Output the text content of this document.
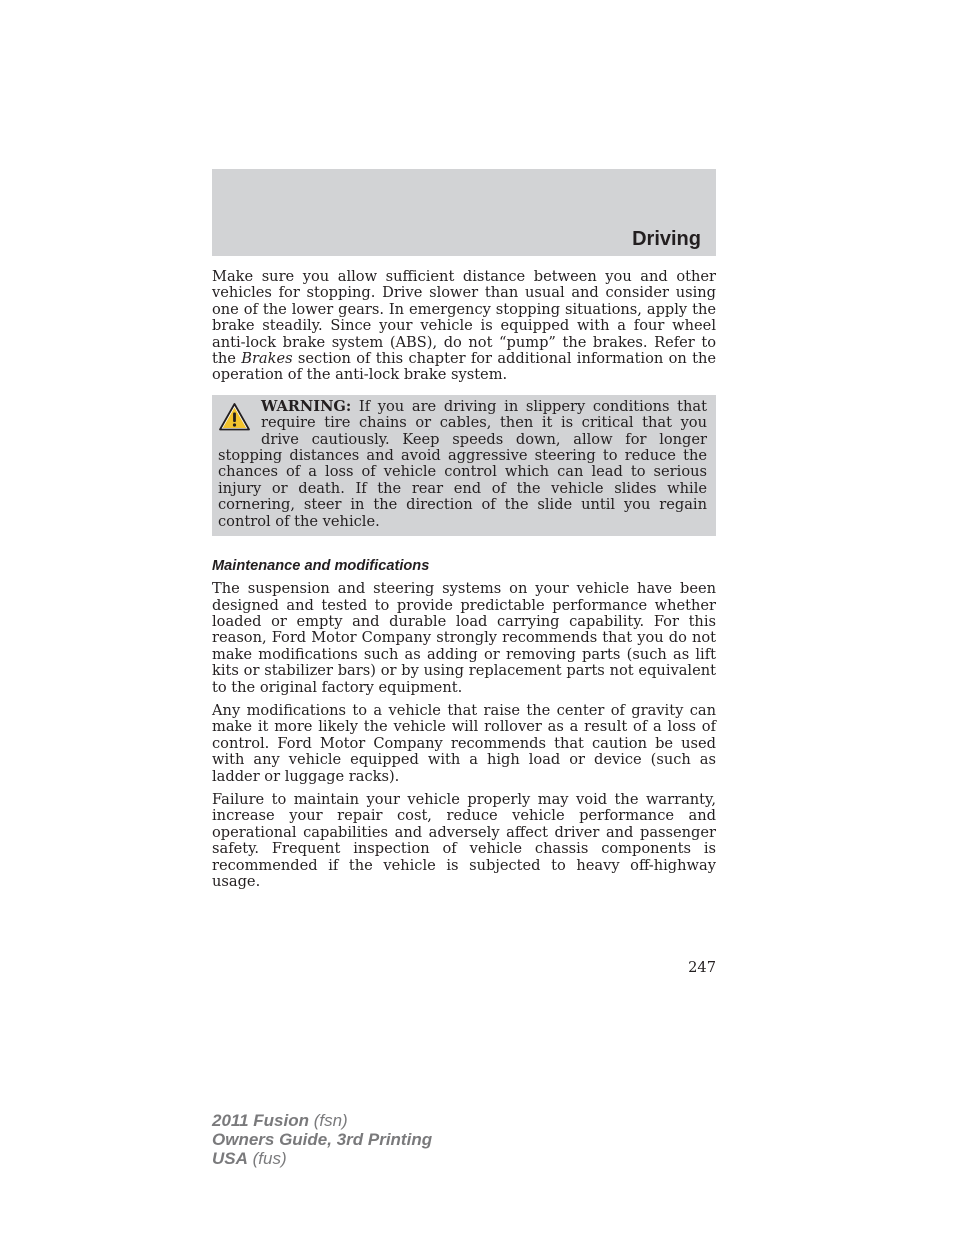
Driving

Make sure you allow sufficient distance between you and other vehicles for stopping. Drive slower than usual and consider using one of the lower gears. In emergency stopping situations, apply the brake steadily. Since your vehicle is equipped with a four wheel anti-lock brake system (ABS), do not “pump” the brakes. Refer to the Brakes section of this chapter for additional information on the operation of the anti-lock brake system.

WARNING: If you are driving in slippery conditions that require tire chains or cables, then it is critical that you drive cautiously. Keep speeds down, allow for longer stopping distances and avoid aggressive steering to reduce the chances of a loss of vehicle control which can lead to serious injury or death. If the rear end of the vehicle slides while cornering, steer in the direction of the slide until you regain control of the vehicle.

Maintenance and modifications

The suspension and steering systems on your vehicle have been designed and tested to provide predictable performance whether loaded or empty and durable load carrying capability. For this reason, Ford Motor Company strongly recommends that you do not make modifications such as adding or removing parts (such as lift kits or stabilizer bars) or by using replacement parts not equivalent to the original factory equipment.

Any modifications to a vehicle that raise the center of gravity can make it more likely the vehicle will rollover as a result of a loss of control. Ford Motor Company recommends that caution be used with any vehicle equipped with a high load or device (such as ladder or luggage racks).

Failure to maintain your vehicle properly may void the warranty, increase your repair cost, reduce vehicle performance and operational capabilities and adversely affect driver and passenger safety. Frequent inspection of vehicle chassis components is recommended if the vehicle is subjected to heavy off-highway usage.

247
2011 Fusion (fsn)
Owners Guide, 3rd Printing
USA (fus)
